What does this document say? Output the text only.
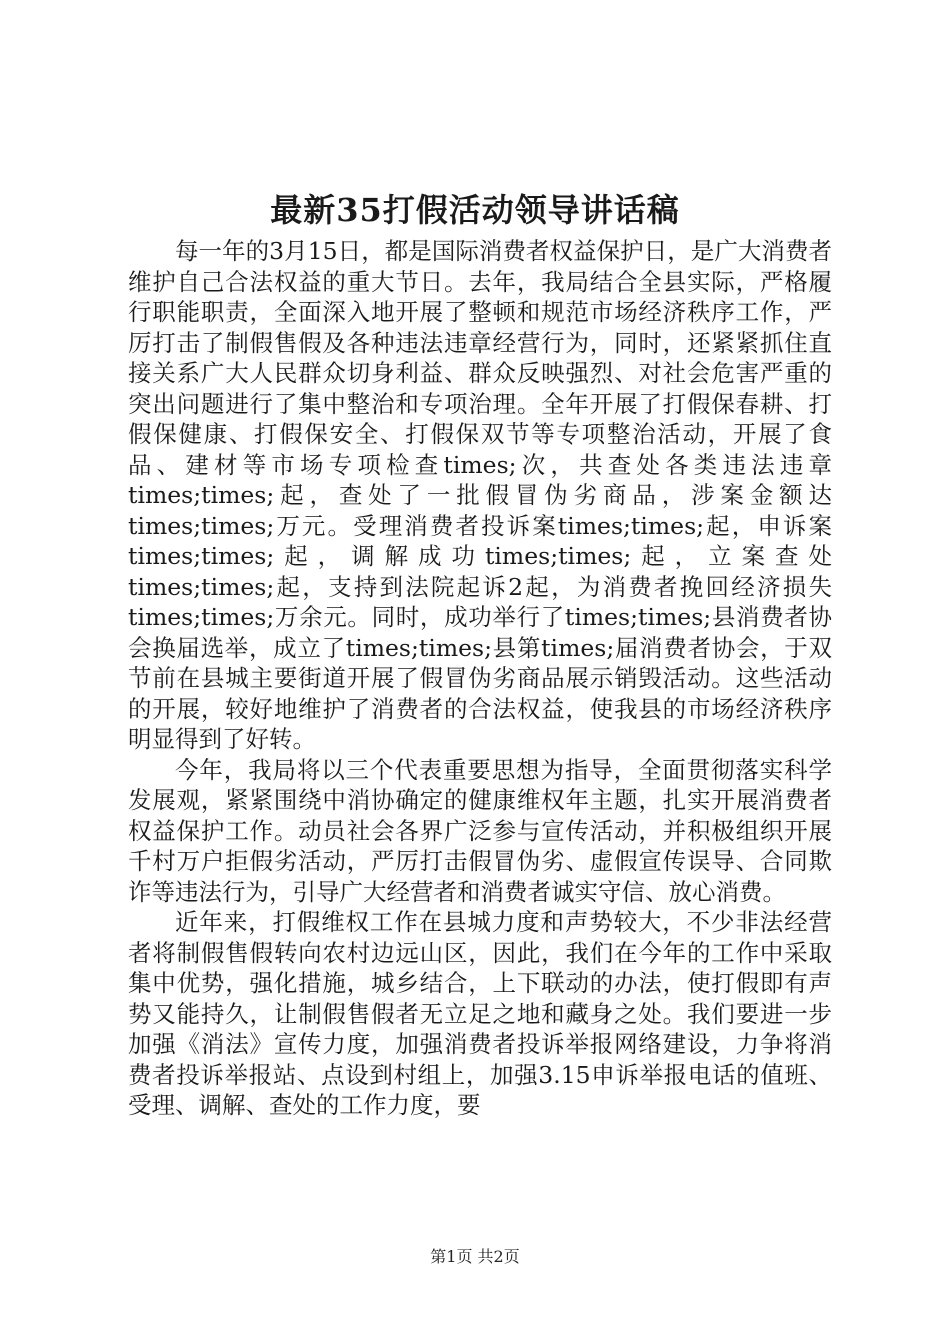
最新35打假活动领导讲话稿

每一年的3月15日，都是国际消费者权益保护日，是广大消费者维护自己合法权益的重大节日。去年，我局结合全县实际，严格履行职能职责，全面深入地开展了整顿和规范市场经济秩序工作，严厉打击了制假售假及各种违法违章经营行为，同时，还紧紧抓住直接关系广大人民群众切身利益、群众反映强烈、对社会危害严重的突出问题进行了集中整治和专项治理。全年开展了打假保春耕、打假保健康、打假保安全、打假保双节等专项整治活动，开展了食品、建材等市场专项检查times;次，共查处各类违法违章times;times;起，查处了一批假冒伪劣商品，涉案金额达times;times;万元。受理消费者投诉案times;times;起，申诉案times;times;起，调解成功times;times;起，立案查处times;times;起，支持到法院起诉2起，为消费者挽回经济损失times;times;万余元。同时，成功举行了times;times;县消费者协会换届选举，成立了times;times;县第times;届消费者协会，于双节前在县城主要街道开展了假冒伪劣商品展示销毁活动。这些活动的开展，较好地维护了消费者的合法权益，使我县的市场经济秩序明显得到了好转。

今年，我局将以三个代表重要思想为指导，全面贯彻落实科学发展观，紧紧围绕中消协确定的健康维权年主题，扎实开展消费者权益保护工作。动员社会各界广泛参与宣传活动，并积极组织开展千村万户拒假劣活动，严厉打击假冒伪劣、虚假宣传误导、合同欺诈等违法行为，引导广大经营者和消费者诚实守信、放心消费。

近年来，打假维权工作在县城力度和声势较大，不少非法经营者将制假售假转向农村边远山区，因此，我们在今年的工作中采取集中优势，强化措施，城乡结合，上下联动的办法，使打假即有声势又能持久，让制假售假者无立足之地和藏身之处。我们要进一步加强《消法》宣传力度，加强消费者投诉举报网络建设，力争将消费者投诉举报站、点设到村组上，加强3.15申诉举报电话的值班、受理、调解、查处的工作力度，要

第1页 共2页
